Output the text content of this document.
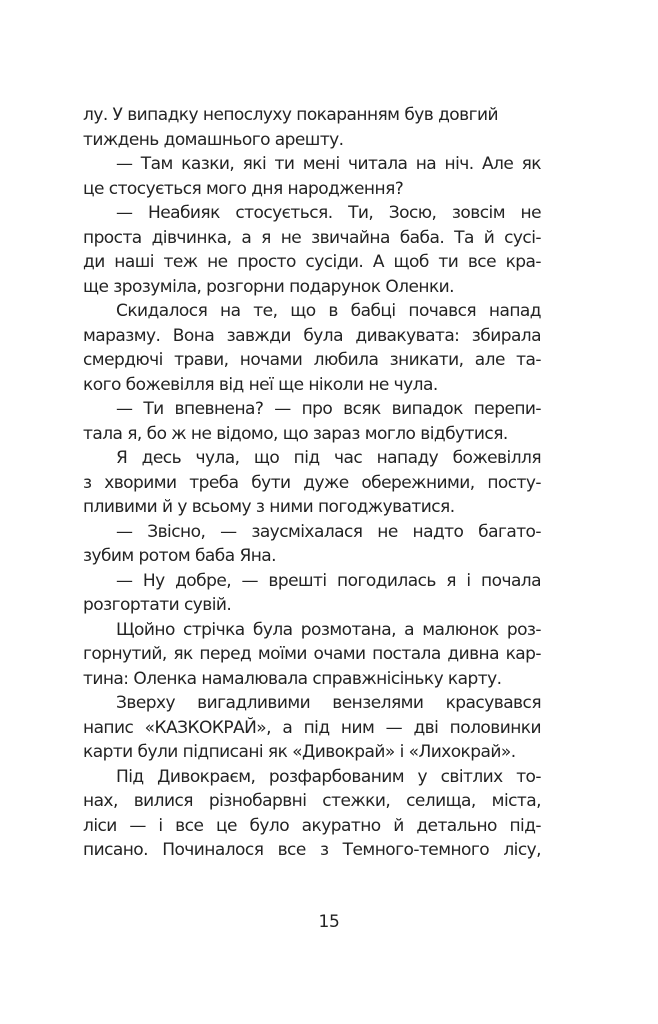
лу. У випадку непослуху покаранням був довгий
тиждень домашнього арешту.
— Там казки, які ти мені читала на ніч. Але як
це стосується мого дня народження?
— Неабияк стосується. Ти, Зосю, зовсім не
проста дівчинка, а я не звичайна баба. Та й сусі-
ди наші теж не просто сусіди. А щоб ти все кра-
ще зрозуміла, розгорни подарунок Оленки.
Скидалося на те, що в бабці почався напад
маразму. Вона завжди була дивакувата: збирала
смердючі трави, ночами любила зникати, але та-
кого божевілля від неї ще ніколи не чула.
— Ти впевнена? — про всяк випадок перепи-
тала я, бо ж не відомо, що зараз могло відбутися.
Я десь чула, що під час нападу божевілля
з хворими треба бути дуже обережними, посту-
пливими й у всьому з ними погоджуватися.
— Звісно, — заусміхалася не надто багато-
зубим ротом баба Яна.
— Ну добре, — врешті погодилась я і почала
розгортати сувій.
Щойно стрічка була розмотана, а малюнок роз-
горнутий, як перед моїми очами постала дивна кар-
тина: Оленка намалювала справжнісіньку карту.
Зверху вигадливими вензелями красувався
напис «КАЗКОКРАЙ», а під ним — дві половинки
карти були підписані як «Дивокрай» і «Лихокрай».
Під Дивокраєм, розфарбованим у світлих то-
нах, вилися різнобарвні стежки, селища, міста,
ліси — і все це було акуратно й детально під-
писано. Починалося все з Темного-темного лісу,
15
